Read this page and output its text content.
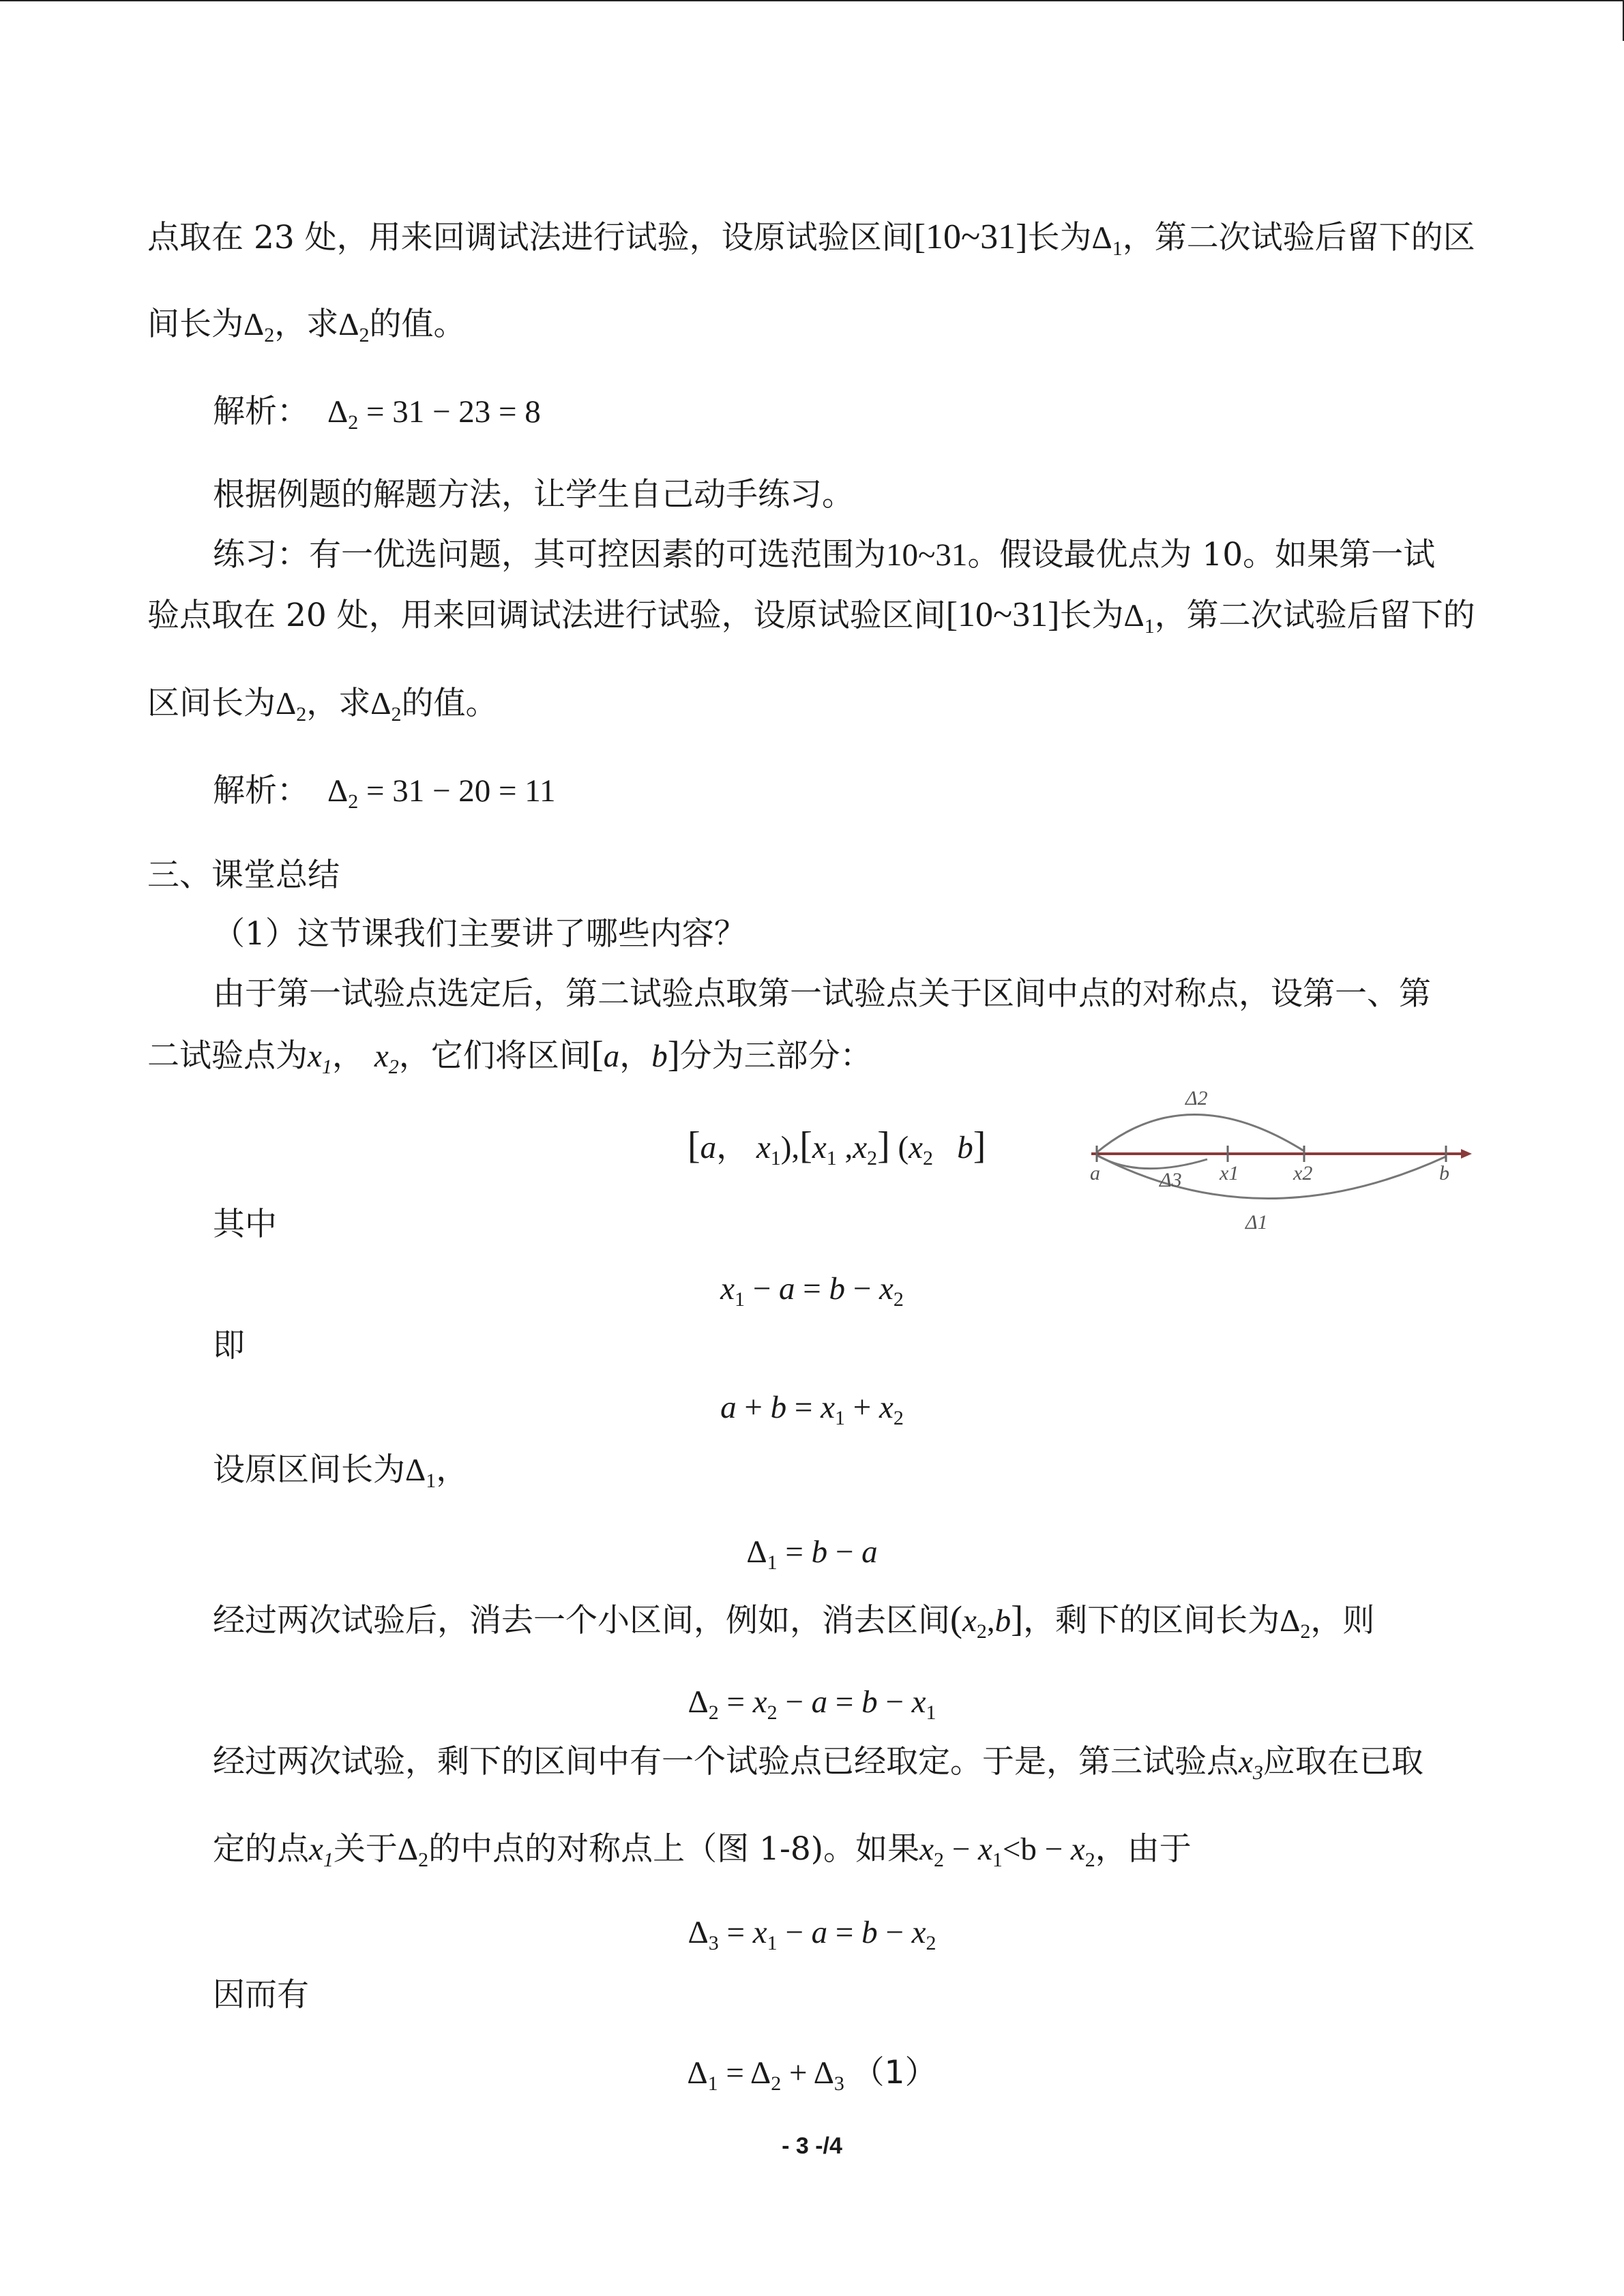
点取在 23 处，用来回调试法进行试验，设原试验区间[10~31]长为$\Delta_1$，第二次试验后留下的区
间长为$\Delta_2$，求$\Delta_2$的值。
解析： $\Delta_2 = 31 - 23 = 8$
根据例题的解题方法，让学生自己动手练习。
练习：有一优选问题，其可控因素的可选范围为10~31。假设最优点为 10。如果第一试
验点取在 20 处，用来回调试法进行试验，设原试验区间[10~31]长为$\Delta_1$，第二次试验后留下的
区间长为$\Delta_2$，求$\Delta_2$的值。
解析： $\Delta_2 = 31 - 20 = 11$
三、课堂总结
（1）这节课我们主要讲了哪些内容？
由于第一试验点选定后，第二试验点取第一试验点关于区间中点的对称点，设第一、第
二试验点为$x_1$， $x_2$，它们将区间[a，b]分为三部分：
[a， $x_1),[x_1$ $,x_2$] ($x_2$ b]
Δ2
a	Δ3 x1	x2	b
Δ1
其中
$x_1 - a = b - x_2$
即
$a + b = x_1 + x_2$
设原区间长为$\Delta_1$，
$\Delta_1 = b - a$
经过两次试验后，消去一个小区间，例如，消去区间$(x_2,b]$，剩下的区间长为$\Delta_2$，则
$\Delta_2 = x_2 - a = b - x_1$
经过两次试验，剩下的区间中有一个试验点已经取定。于是，第三试验点$x_3$应取在已取
定的点$x_1$关于$\Delta_2$的中点的对称点上（图 1-8)。如果$x_2 - x_1<b - x_2$，由于
$\Delta_3 = x_1 - a = b - x_2$
因而有
$\Delta_1 = \Delta_2 + \Delta_3$ （1）
- 3 -/4
